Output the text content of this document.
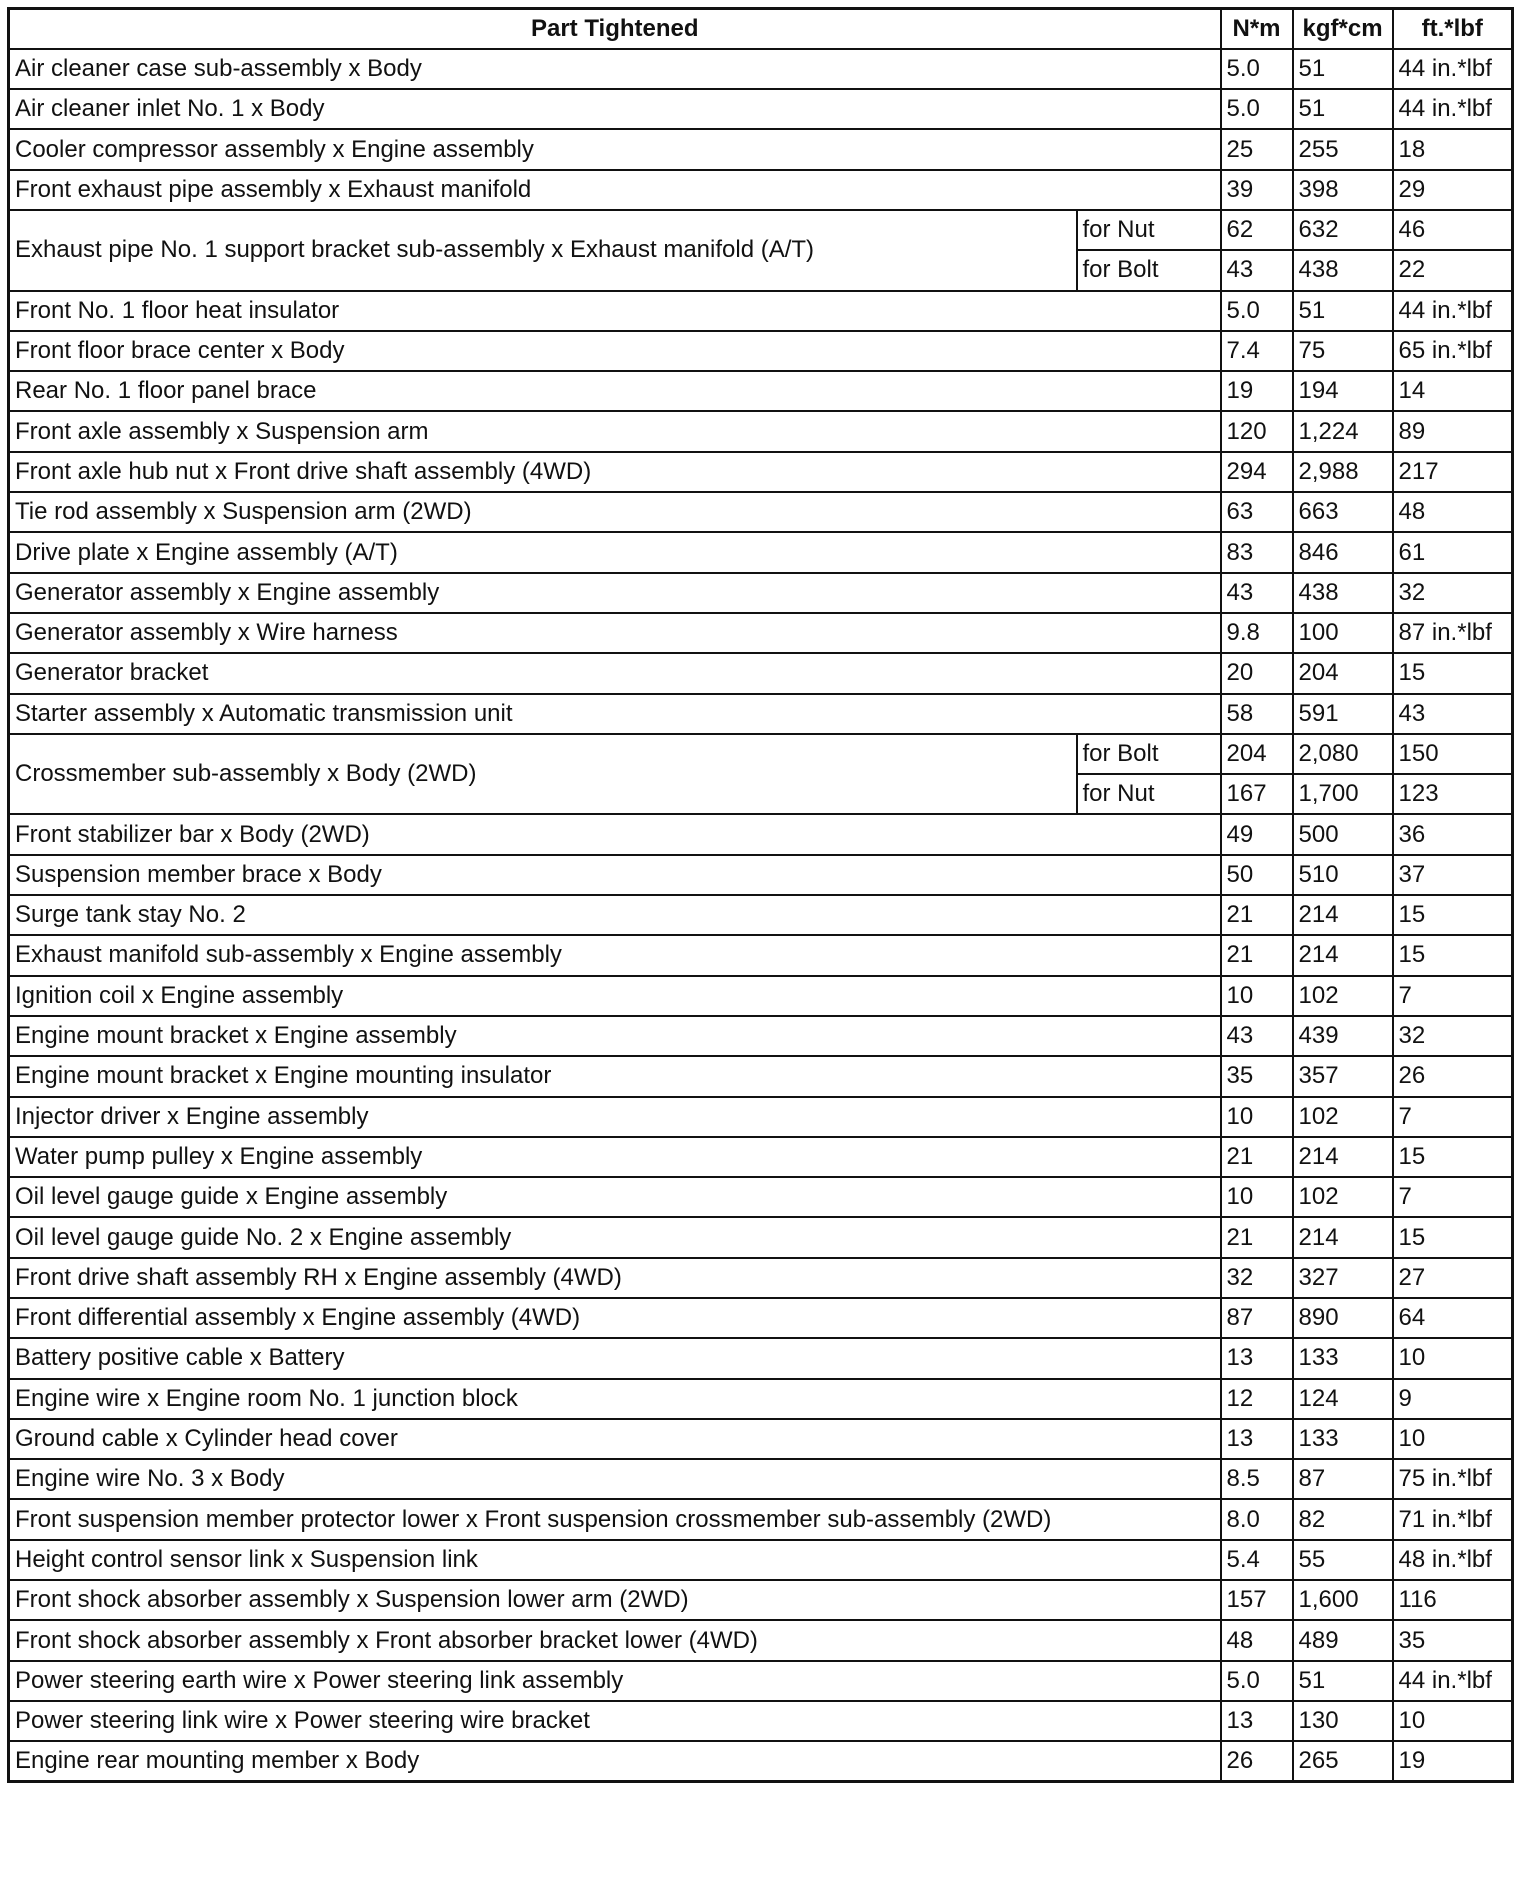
Part Tightened		N*m	kgf*cm	ft.*lbf
Air cleaner case sub-assembly x Body		5.0	51	44 in.*lbf
Air cleaner inlet No. 1 x Body		5.0	51	44 in.*lbf
Cooler compressor assembly x Engine assembly		25	255	18
Front exhaust pipe assembly x Exhaust manifold		39	398	29
Exhaust pipe No. 1 support bracket sub-assembly x Exhaust manifold (A/T)	for Nut	62	632	46
	for Bolt	43	438	22
Front No. 1 floor heat insulator		5.0	51	44 in.*lbf
Front floor brace center x Body		7.4	75	65 in.*lbf
Rear No. 1 floor panel brace		19	194	14
Front axle assembly x Suspension arm		120	1,224	89
Front axle hub nut x Front drive shaft assembly (4WD)		294	2,988	217
Tie rod assembly x Suspension arm (2WD)		63	663	48
Drive plate x Engine assembly (A/T)		83	846	61
Generator assembly x Engine assembly		43	438	32
Generator assembly x Wire harness		9.8	100	87 in.*lbf
Generator bracket		20	204	15
Starter assembly x Automatic transmission unit		58	591	43
Crossmember sub-assembly x Body (2WD)	for Bolt	204	2,080	150
	for Nut	167	1,700	123
Front stabilizer bar x Body (2WD)		49	500	36
Suspension member brace x Body		50	510	37
Surge tank stay No. 2		21	214	15
Exhaust manifold sub-assembly x Engine assembly		21	214	15
Ignition coil x Engine assembly		10	102	7
Engine mount bracket x Engine assembly		43	439	32
Engine mount bracket x Engine mounting insulator		35	357	26
Injector driver x Engine assembly		10	102	7
Water pump pulley x Engine assembly		21	214	15
Oil level gauge guide x Engine assembly		10	102	7
Oil level gauge guide No. 2 x Engine assembly		21	214	15
Front drive shaft assembly RH x Engine assembly (4WD)		32	327	27
Front differential assembly x Engine assembly (4WD)		87	890	64
Battery positive cable x Battery		13	133	10
Engine wire x Engine room No. 1 junction block		12	124	9
Ground cable x Cylinder head cover		13	133	10
Engine wire No. 3 x Body		8.5	87	75 in.*lbf
Front suspension member protector lower x Front suspension crossmember sub-assembly (2WD)		8.0	82	71 in.*lbf
Height control sensor link x Suspension link		5.4	55	48 in.*lbf
Front shock absorber assembly x Suspension lower arm (2WD)		157	1,600	116
Front shock absorber assembly x Front absorber bracket lower (4WD)		48	489	35
Power steering earth wire x Power steering link assembly		5.0	51	44 in.*lbf
Power steering link wire x Power steering wire bracket		13	130	10
Engine rear mounting member x Body		26	265	19
